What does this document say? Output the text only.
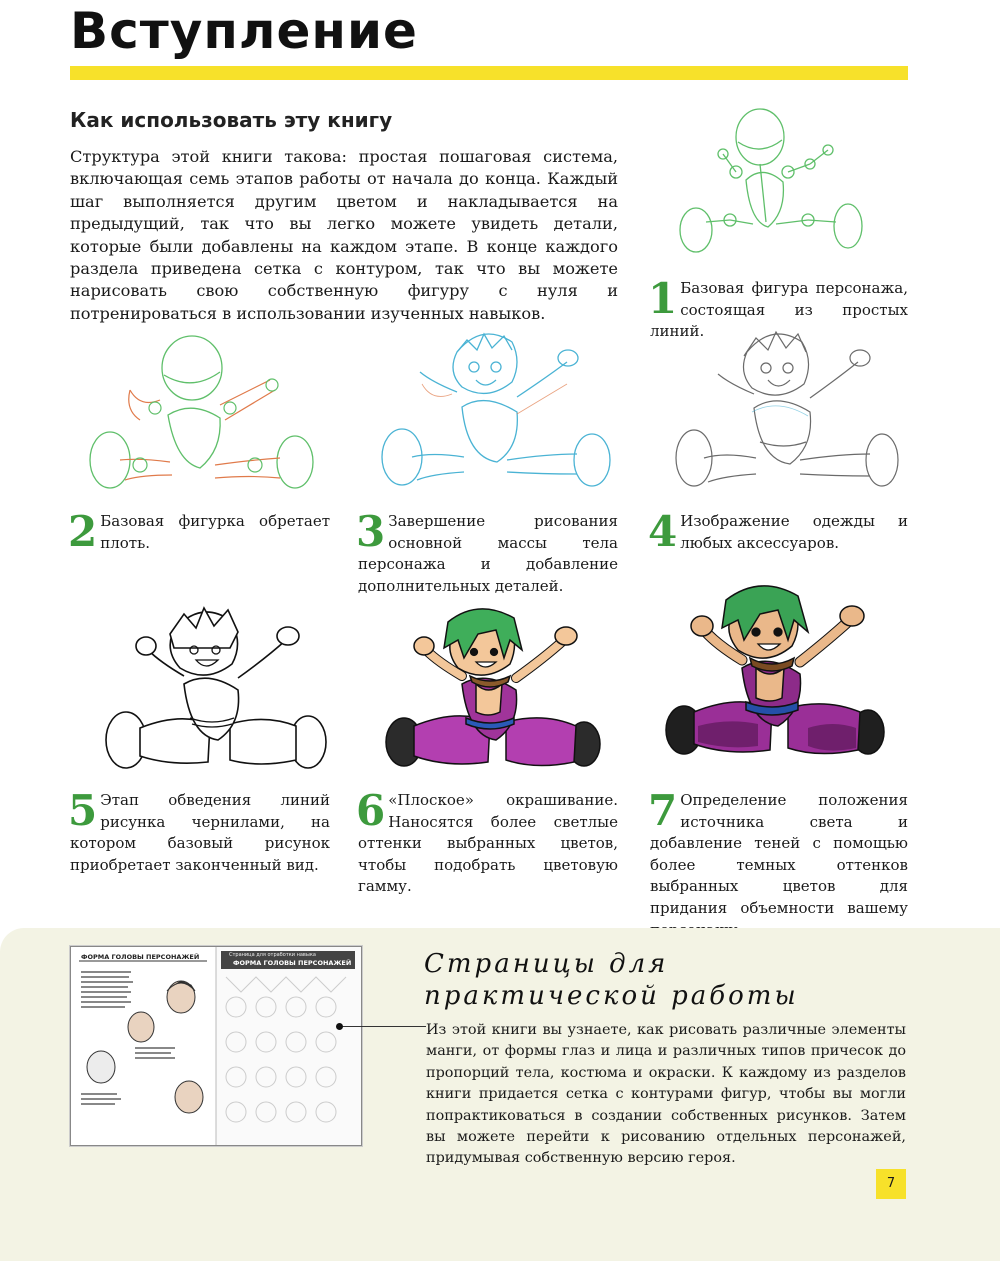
Вступление
Как использовать эту книгу
Структура этой книги такова: простая пошаговая система, включающая семь этапов работы от начала до конца. Каждый шаг выполняется другим цветом и накладывается на предыдущий, так что вы легко можете увидеть детали, которые были добавлены на каждом этапе. В конце каждого раздела приведена сетка с контуром, так что вы можете нарисовать свою собственную фигуру с нуля и потренироваться в использовании изученных навыков.	1 Базовая фигура персонажа, состоящая из простых линий.
2 Базовая фигурка обретает плоть.	3 Завершение рисования основной массы тела персонажа и добавление дополнительных деталей.
4 Изображение одежды и любых аксессуаров.
5 Этап обведения линий рисунка чернилами, на котором базовый рисунок приобретает законченный вид.
6 «Плоское» окрашивание. Наносятся более светлые оттенки выбранных цветов, чтобы подобрать цветовую гамму.
7 Определение положения источника света и добавление теней с помощью более темных оттенков выбранных цветов для придания объемности вашему
ФОРМА ГОЛОВЫ ПЕРСОНАЖЕЙ	Страница для отработки навыка
ФОРМА ГОЛОВЫ ПЕРСОНАЖЕЙ	Страницы для
практической работы
Из этой книги вы узнаете, как рисовать различные элементы манги, от формы глаз и лица и различных типов причесок до пропорций тела, костюма и окраски. К каждому из разделов книги придается сетка с контурами фигур, чтобы вы могли попрактиковаться в создании собственных рисунков. Затем вы можете перейти к рисованию отдельных персонажей, придумывая собственную версию героя.
7
